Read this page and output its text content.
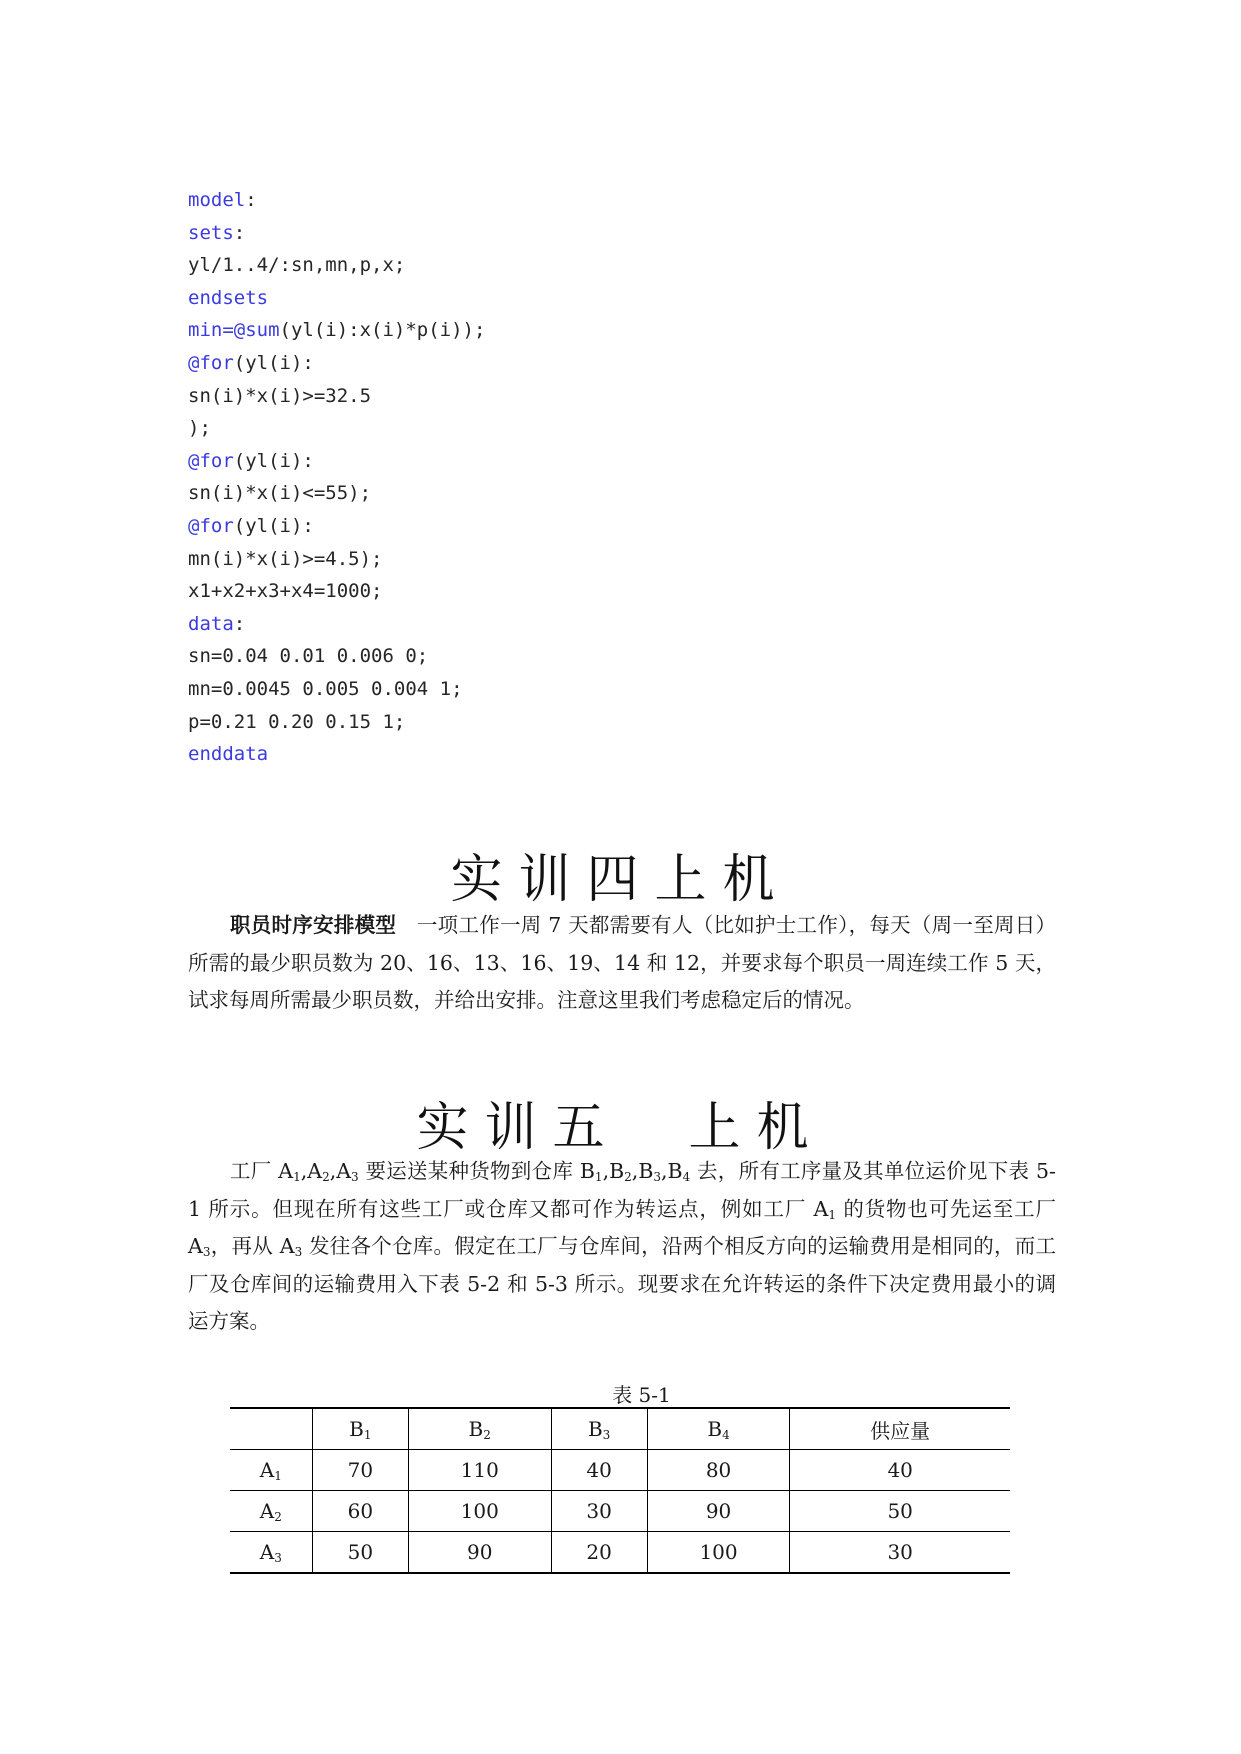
model:
sets:
yl/1..4/:sn,mn,p,x;
endsets
min=@sum(yl(i):x(i)*p(i));
@for(yl(i):
sn(i)*x(i)>=32.5
);
@for(yl(i):
sn(i)*x(i)<=55);
@for(yl(i):
mn(i)*x(i)>=4.5);
x1+x2+x3+x4=1000;
data:
sn=0.04 0.01 0.006 0;
mn=0.0045 0.005 0.004 1;
p=0.21 0.20 0.15 1;
enddata
实训四上机

职员时序安排模型　一项工作一周 7 天都需要有人（比如护士工作），每天（周一至周日）所需的最少职员数为 20、16、13、16、19、14 和 12，并要求每个职员一周连续工作 5 天，试求每周所需最少职员数，并给出安排。注意这里我们考虑稳定后的情况。

实训五　上机

工厂 $A_1,A_2,A_3$ 要运送某种货物到仓库 $B_1,B_2,B_3,B_4$ 去，所有工序量及其单位运价见下表 5-1 所示。但现在所有这些工厂或仓库又都可作为转运点，例如工厂 $A_1$ 的货物也可先运至工厂 $A_3$，再从 $A_3$ 发往各个仓库。假定在工厂与仓库间，沿两个相反方向的运输费用是相同的，而工厂及仓库间的运输费用入下表 5-2 和 5-3 所示。现要求在允许转运的条件下决定费用最小的调运方案。

表 5-1

	$B_1$	$B_2$	$B_3$	$B_4$	供应量
$A_1$	70	110	40	80	40
$A_2$	60	100	30	90	50
$A_3$	50	90	20	100	30
